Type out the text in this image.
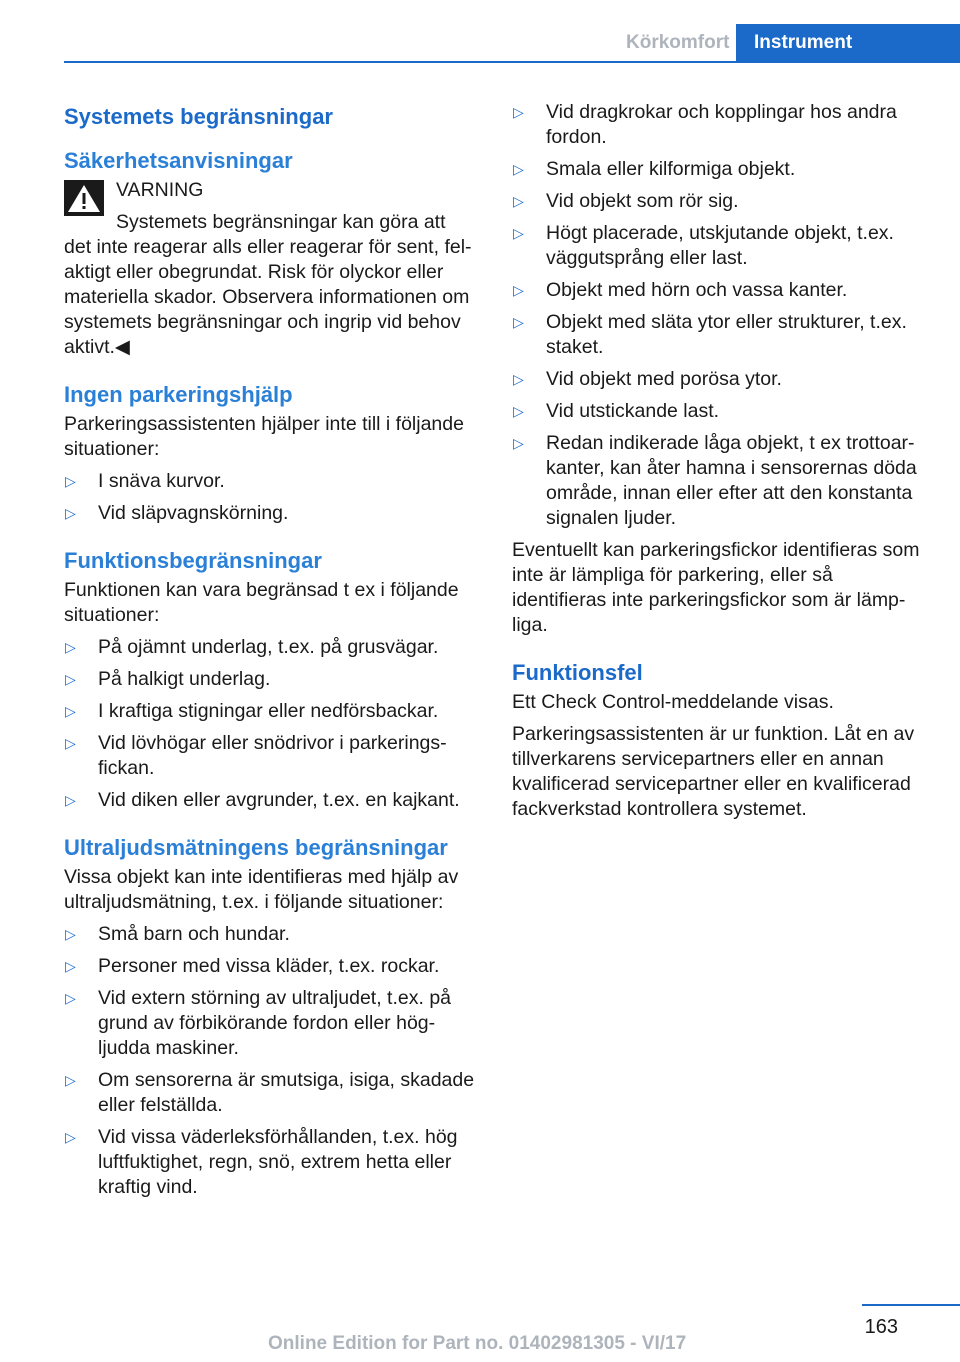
Körkomfort	Instrument
Systemets begränsningar
Säkerhetsanvisningar
VARNING
Systemets begränsningar kan göra att
det inte reagerar alls eller reagerar för sent, fel‐aktigt eller obegrundat. Risk för olyckor eller materiella skador. Observera informationen om systemets begränsningar och ingrip vid behov aktivt.◀
Ingen parkeringshjälp
Parkeringsassistenten hjälper inte till i följande situationer:
▷ I snäva kurvor.
▷ Vid släpvagnskörning.
Funktionsbegränsningar
Funktionen kan vara begränsad t ex i följande situationer:
▷ På ojämnt underlag, t.ex. på grusvägar.
▷ På halkigt underlag.
▷ I kraftiga stigningar eller nedförsbackar.
▷ Vid lövhögar eller snödrivor i parkerings‐fickan.
▷ Vid diken eller avgrunder, t.ex. en kajkant.
Ultraljudsmätningens begränsningar
Vissa objekt kan inte identifieras med hjälp av ultraljudsmätning, t.ex. i följande situationer:
▷ Små barn och hundar.
▷ Personer med vissa kläder, t.ex. rockar.
▷ Vid extern störning av ultraljudet, t.ex. på grund av förbikörande fordon eller hög‐ljudda maskiner.
▷ Om sensorerna är smutsiga, isiga, skadade eller felställda.
▷ Vid vissa väderleksförhållanden, t.ex. hög luftfuktighet, regn, snö, extrem hetta eller kraftig vind.
▷ Vid dragkrokar och kopplingar hos andra fordon.
▷ Smala eller kilformiga objekt.
▷ Vid objekt som rör sig.
▷ Högt placerade, utskjutande objekt, t.ex. väggutsprång eller last.
▷ Objekt med hörn och vassa kanter.
▷ Objekt med släta ytor eller strukturer, t.ex. staket.
▷ Vid objekt med porösa ytor.
▷ Vid utstickande last.
▷ Redan indikerade låga objekt, t ex trottoar‐kanter, kan åter hamna i sensorernas döda område, innan eller efter att den konstanta signalen ljuder.
Eventuellt kan parkeringsfickor identifieras som inte är lämpliga för parkering, eller så identifieras inte parkeringsfickor som är lämp‐liga.
Funktionsfel
Ett Check Control-meddelande visas.
Parkeringsassistenten är ur funktion. Låt en av tillverkarens servicepartners eller en annan kvalificerad servicepartner eller en kvalificerad fackverkstad kontrollera systemet.
163
Online Edition for Part no. 01402981305 - VI/17
